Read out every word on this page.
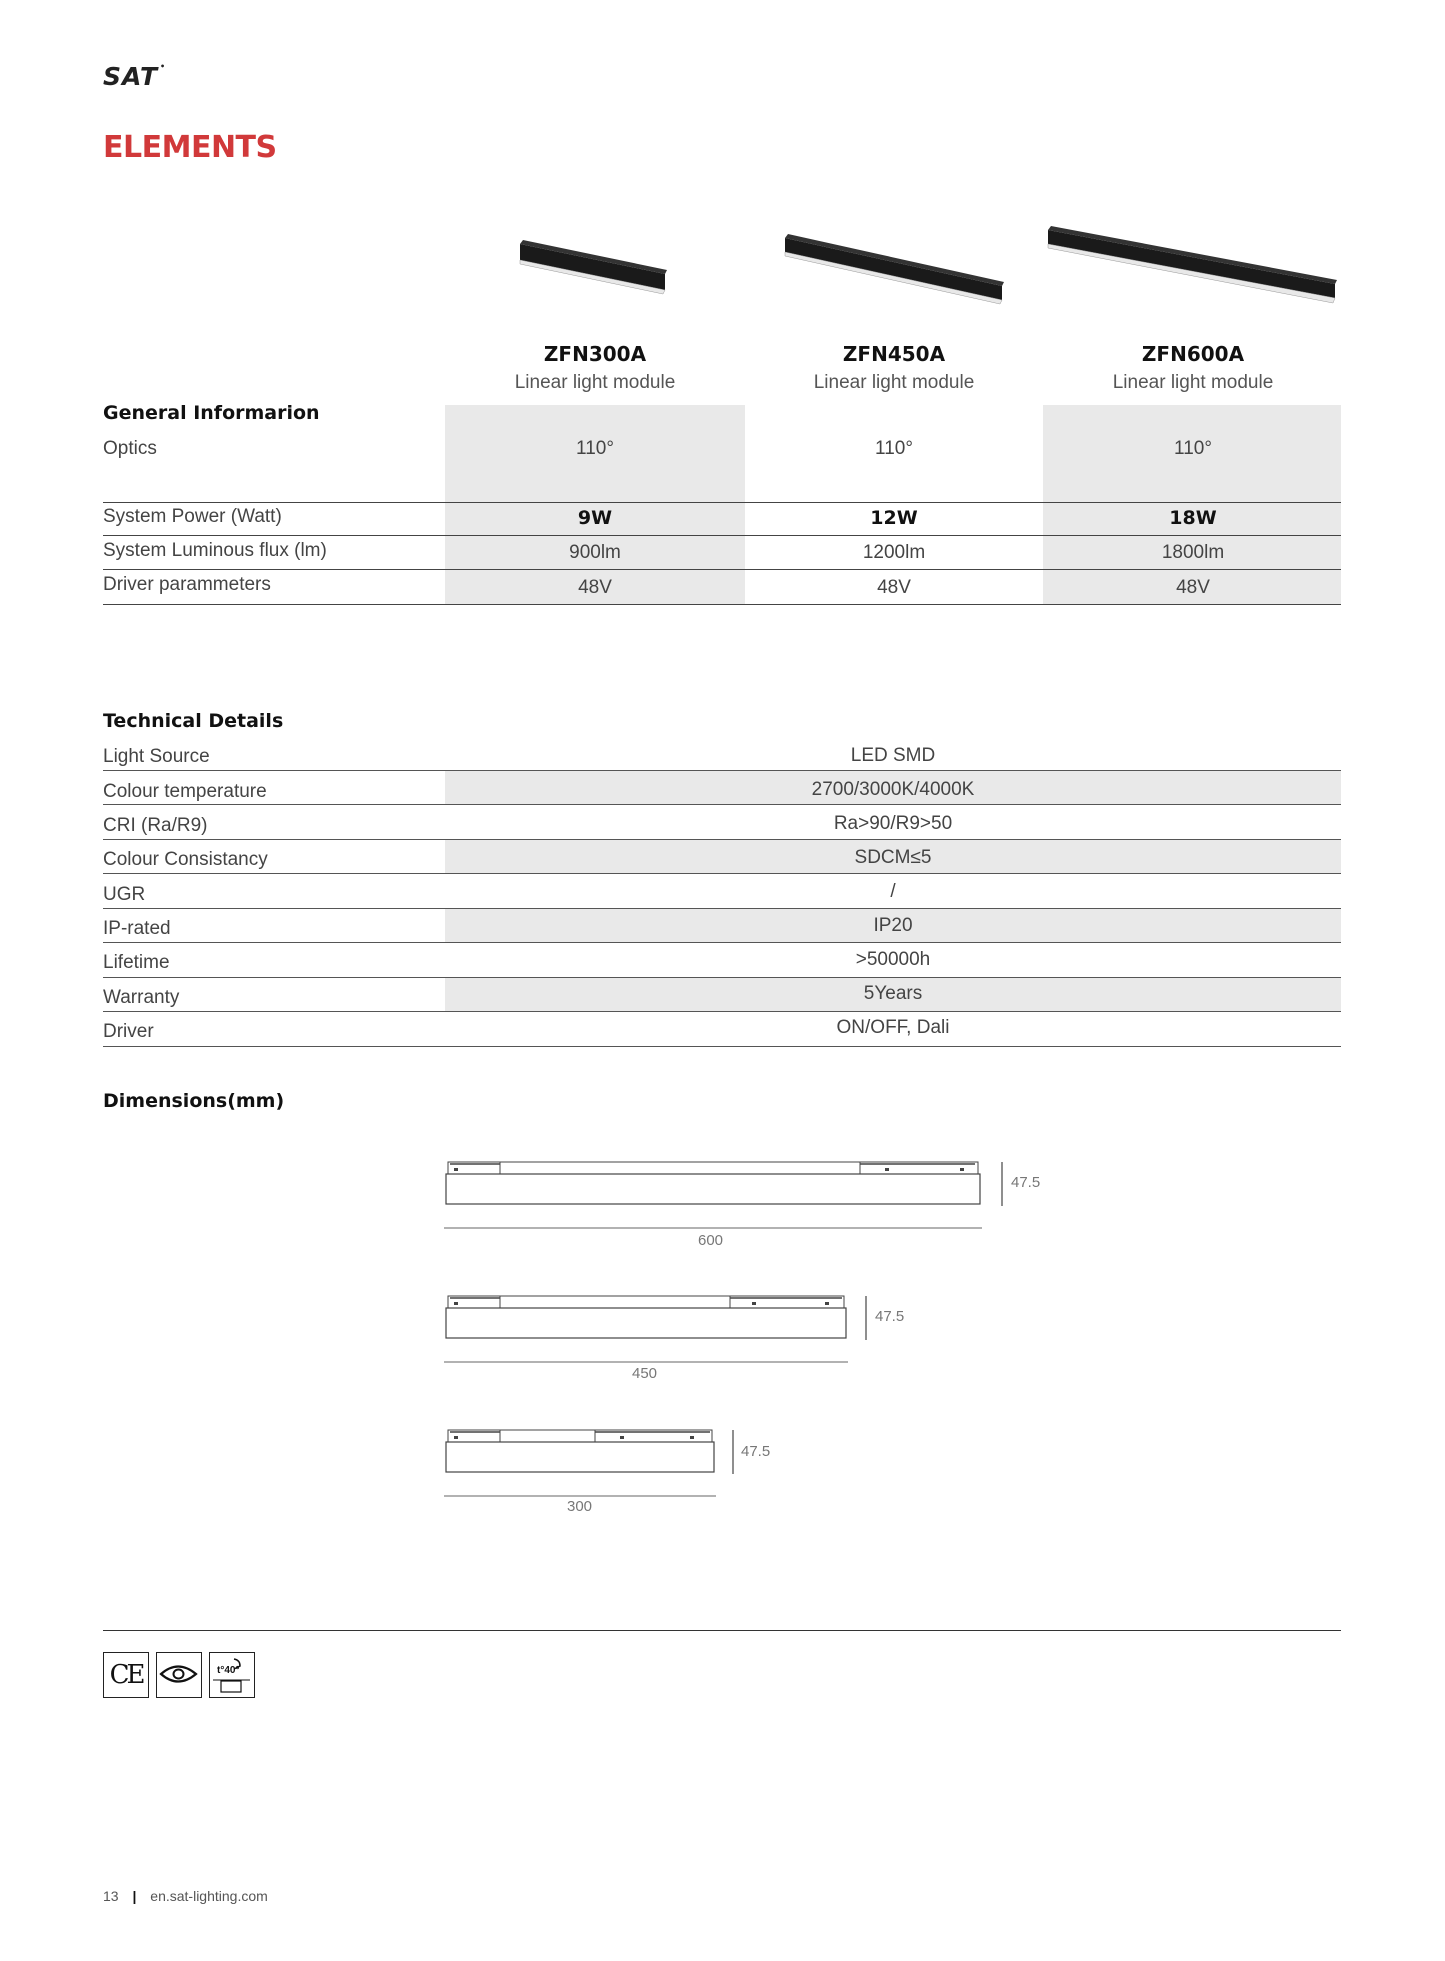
SAT •
ELEMENTS
ZFN300A	ZFN450A	ZFN600A
Linear light module	Linear light module	Linear light module
General Informarion
Optics	110°	110°	110°
System Power (Watt)	9W	12W	18W
System Luminous flux (lm)	900lm	1200lm	1800lm
Driver parammeters	48V	48V	48V
Technical Details
Light Source	LED SMD
Colour temperature	2700/3000K/4000K
CRI (Ra/R9)	Ra>90/R9>50
Colour Consistancy	SDCM≤5
UGR	/
IP-rated	IP20
Lifetime	>50000h
Warranty	5Years
Driver	ON/OFF, Dali
Dimensions(mm)
47.5
600
47.5
450
47.5
300
CE	t°40°
13 | en.sat-lighting.com
